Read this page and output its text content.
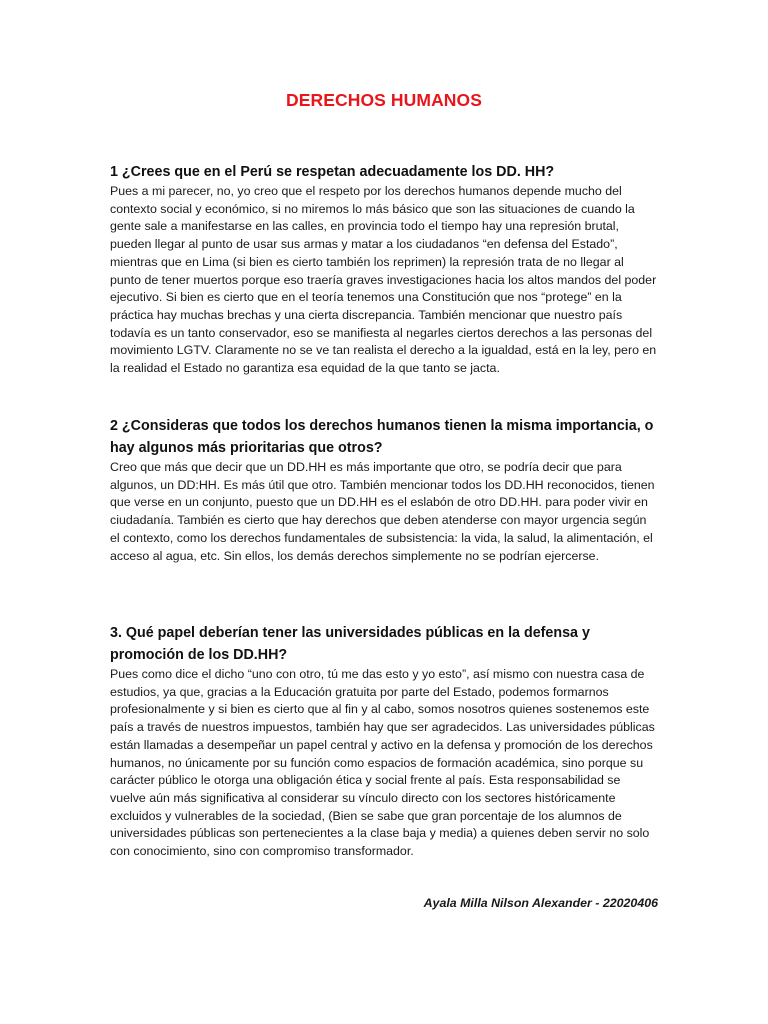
DERECHOS HUMANOS

1 ¿Crees que en el Perú se respetan adecuadamente los DD. HH?

Pues a mi parecer, no, yo creo que el respeto por los derechos humanos depende mucho del contexto social y económico, si no miremos lo más básico que son las situaciones de cuando la gente sale a manifestarse en las calles, en provincia todo el tiempo hay una represión brutal, pueden llegar al punto de usar sus armas y matar a los ciudadanos “en defensa del Estado”, mientras que en Lima (si bien es cierto también los reprimen) la represión trata de no llegar al punto de tener muertos porque eso traería graves investigaciones hacia los altos mandos del poder ejecutivo. Si bien es cierto que en el teoría tenemos una Constitución que nos “protege” en la práctica hay muchas brechas y una cierta discrepancia. También mencionar que nuestro país todavía es un tanto conservador, eso se manifiesta al negarles ciertos derechos a las personas del movimiento LGTV. Claramente no se ve tan realista el derecho a la igualdad, está en la ley, pero en la realidad el Estado no garantiza esa equidad de la que tanto se jacta.

2 ¿Consideras que todos los derechos humanos tienen la misma importancia, o hay algunos más prioritarias que otros?

Creo que más que decir que un DD.HH es más importante que otro, se podría decir que para algunos, un DD:HH. Es más útil que otro. También mencionar todos los DD.HH reconocidos, tienen que verse en un conjunto, puesto que un DD.HH es el eslabón de otro DD.HH. para poder vivir en ciudadanía. También es cierto que hay derechos que deben atenderse con mayor urgencia según el contexto, como los derechos fundamentales de subsistencia: la vida, la salud, la alimentación, el acceso al agua, etc. Sin ellos, los demás derechos simplemente no se podrían ejercerse.

3. Qué papel deberían tener las universidades públicas en la defensa y promoción de los DD.HH?

Pues como dice el dicho “uno con otro, tú me das esto y yo esto”, así mismo con nuestra casa de estudios, ya que, gracias a la Educación gratuita por parte del Estado, podemos formarnos profesionalmente y si bien es cierto que al fin y al cabo, somos nosotros quienes sostenemos este país a través de nuestros impuestos, también hay que ser agradecidos. Las universidades públicas están llamadas a desempeñar un papel central y activo en la defensa y promoción de los derechos humanos, no únicamente por su función como espacios de formación académica, sino porque su carácter público le otorga una obligación ética y social frente al país. Esta responsabilidad se vuelve aún más significativa al considerar su vínculo directo con los sectores históricamente excluidos y vulnerables de la sociedad, (Bien se sabe que gran porcentaje de los alumnos de universidades públicas son pertenecientes a la clase baja y media) a quienes deben servir no solo con conocimiento, sino con compromiso transformador.

Ayala Milla Nilson Alexander - 22020406
